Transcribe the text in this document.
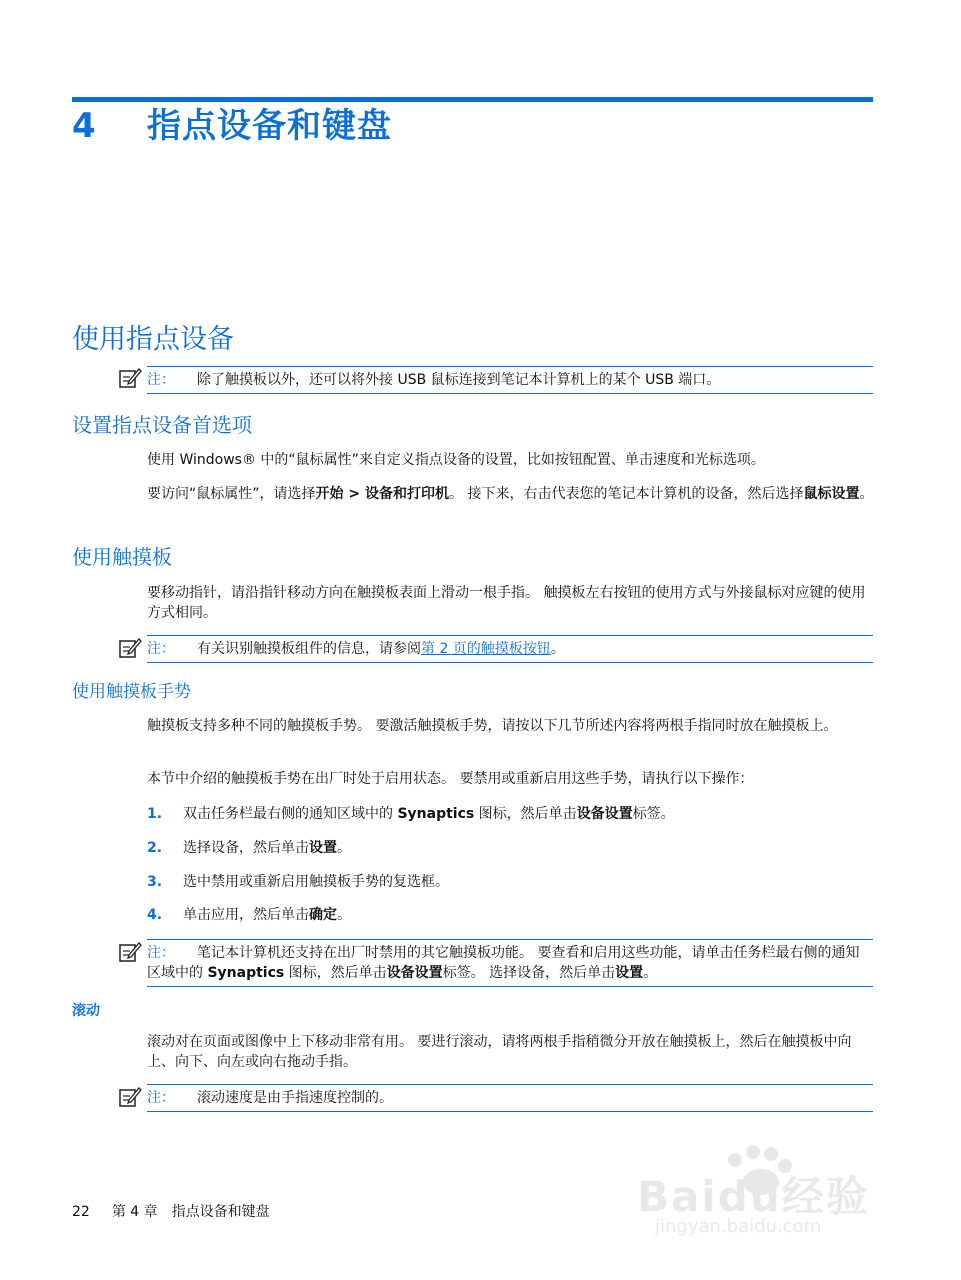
4 指点设备和键盘
使用指点设备
注： 除了触摸板以外，还可以将外接 USB 鼠标连接到笔记本计算机上的某个 USB 端口。
设置指点设备首选项
使用 Windows® 中的“鼠标属性”来自定义指点设备的设置，比如按钮配置、单击速度和光标选项。
要访问“鼠标属性”，请选择开始 > 设备和打印机。 接下来，右击代表您的笔记本计算机的设备，然后选择鼠标设置。
使用触摸板
要移动指针，请沿指针移动方向在触摸板表面上滑动一根手指。 触摸板左右按钮的使用方式与外接鼠标对应键的使用方式相同。
注： 有关识别触摸板组件的信息，请参阅第 2 页的触摸板按钮。
使用触摸板手势
触摸板支持多种不同的触摸板手势。 要激活触摸板手势，请按以下几节所述内容将两根手指同时放在触摸板上。
本节中介绍的触摸板手势在出厂时处于启用状态。 要禁用或重新启用这些手势，请执行以下操作：
1. 双击任务栏最右侧的通知区域中的 Synaptics 图标，然后单击设备设置标签。
2. 选择设备，然后单击设置。
3. 选中禁用或重新启用触摸板手势的复选框。
4. 单击应用，然后单击确定。
注： 笔记本计算机还支持在出厂时禁用的其它触摸板功能。 要查看和启用这些功能，请单击任务栏最右侧的通知区域中的 Synaptics 图标，然后单击设备设置标签。 选择设备，然后单击设置。
滚动
滚动对在页面或图像中上下移动非常有用。 要进行滚动，请将两根手指稍微分开放在触摸板上，然后在触摸板中向上、向下、向左或向右拖动手指。
注： 滚动速度是由手指速度控制的。
Baidu经验
jingyan.baidu.com
22 第 4 章 指点设备和键盘
